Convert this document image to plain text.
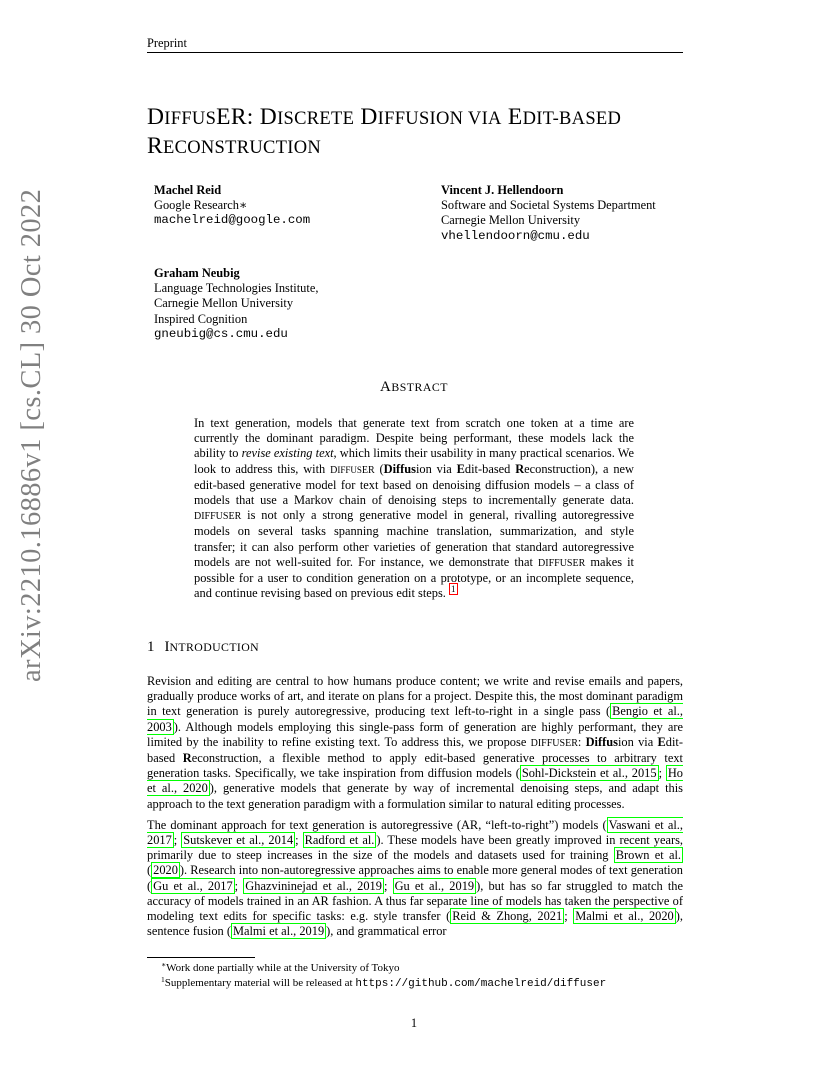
Preprint
arXiv:2210.16886v1 [cs.CL] 30 Oct 2022
DIFFUSER: DISCRETE DIFFUSION VIA EDIT-BASED
RECONSTRUCTION
Machel Reid
Google Research∗
machelreid@google.com
Vincent J. Hellendoorn
Software and Societal Systems Department
Carnegie Mellon University
vhellendoorn@cmu.edu
Graham Neubig
Language Technologies Institute,
Carnegie Mellon University
Inspired Cognition
gneubig@cs.cmu.edu
ABSTRACT
In text generation, models that generate text from scratch one token at a time are currently the dominant paradigm. Despite being performant, these models lack the ability to revise existing text, which limits their usability in many practical scenarios. We look to address this, with DIFFUSER (Diffusion via Edit-based Reconstruction), a new edit-based generative model for text based on denoising diffusion models – a class of models that use a Markov chain of denoising steps to incrementally generate data. DIFFUSER is not only a strong generative model in general, rivalling autoregressive models on several tasks spanning machine translation, summarization, and style transfer; it can also perform other varieties of generation that standard autoregressive models are not well-suited for. For instance, we demonstrate that DIFFUSER makes it possible for a user to condition generation on a prototype, or an incomplete sequence, and continue revising based on previous edit steps. $^1$
1 INTRODUCTION

Revision and editing are central to how humans produce content; we write and revise emails and papers, gradually produce works of art, and iterate on plans for a project. Despite this, the most dominant paradigm in text generation is purely autoregressive, producing text left-to-right in a single pass ( Bengio et al., 2003 ). Although models employing this single-pass form of generation are highly performant, they are limited by the inability to refine existing text. To address this, we propose DIFFUSER: Diffusion via Edit-based Reconstruction, a flexible method to apply edit-based generative processes to arbitrary text generation tasks. Specifically, we take inspiration from diffusion models ( Sohl-Dickstein et al., 2015 ; Ho et al., 2020 ), generative models that generate by way of incremental denoising steps, and adapt this approach to the text generation paradigm with a formulation similar to natural editing processes.

The dominant approach for text generation is autoregressive (AR, “left-to-right”) models ( Vaswani et al., 2017 ; Sutskever et al., 2014 ; Radford et al. ). These models have been greatly improved in recent years, primarily due to steep increases in the size of the models and datasets used for training Brown et al. ( 2020 ). Research into non-autoregressive approaches aims to enable more general modes of text generation ( Gu et al., 2017 ; Ghazvininejad et al., 2019 ; Gu et al., 2019 ), but has so far struggled to match the accuracy of models trained in an AR fashion. A thus far separate line of models has taken the perspective of modeling text edits for specific tasks: e.g. style transfer ( Reid & Zhong, 2021 ; Malmi et al., 2020 ), sentence fusion ( Malmi et al., 2019 ), and grammatical error

∗Work done partially while at the University of Tokyo
$^1$Supplementary material will be released at https://github.com/machelreid/diffuser
1
